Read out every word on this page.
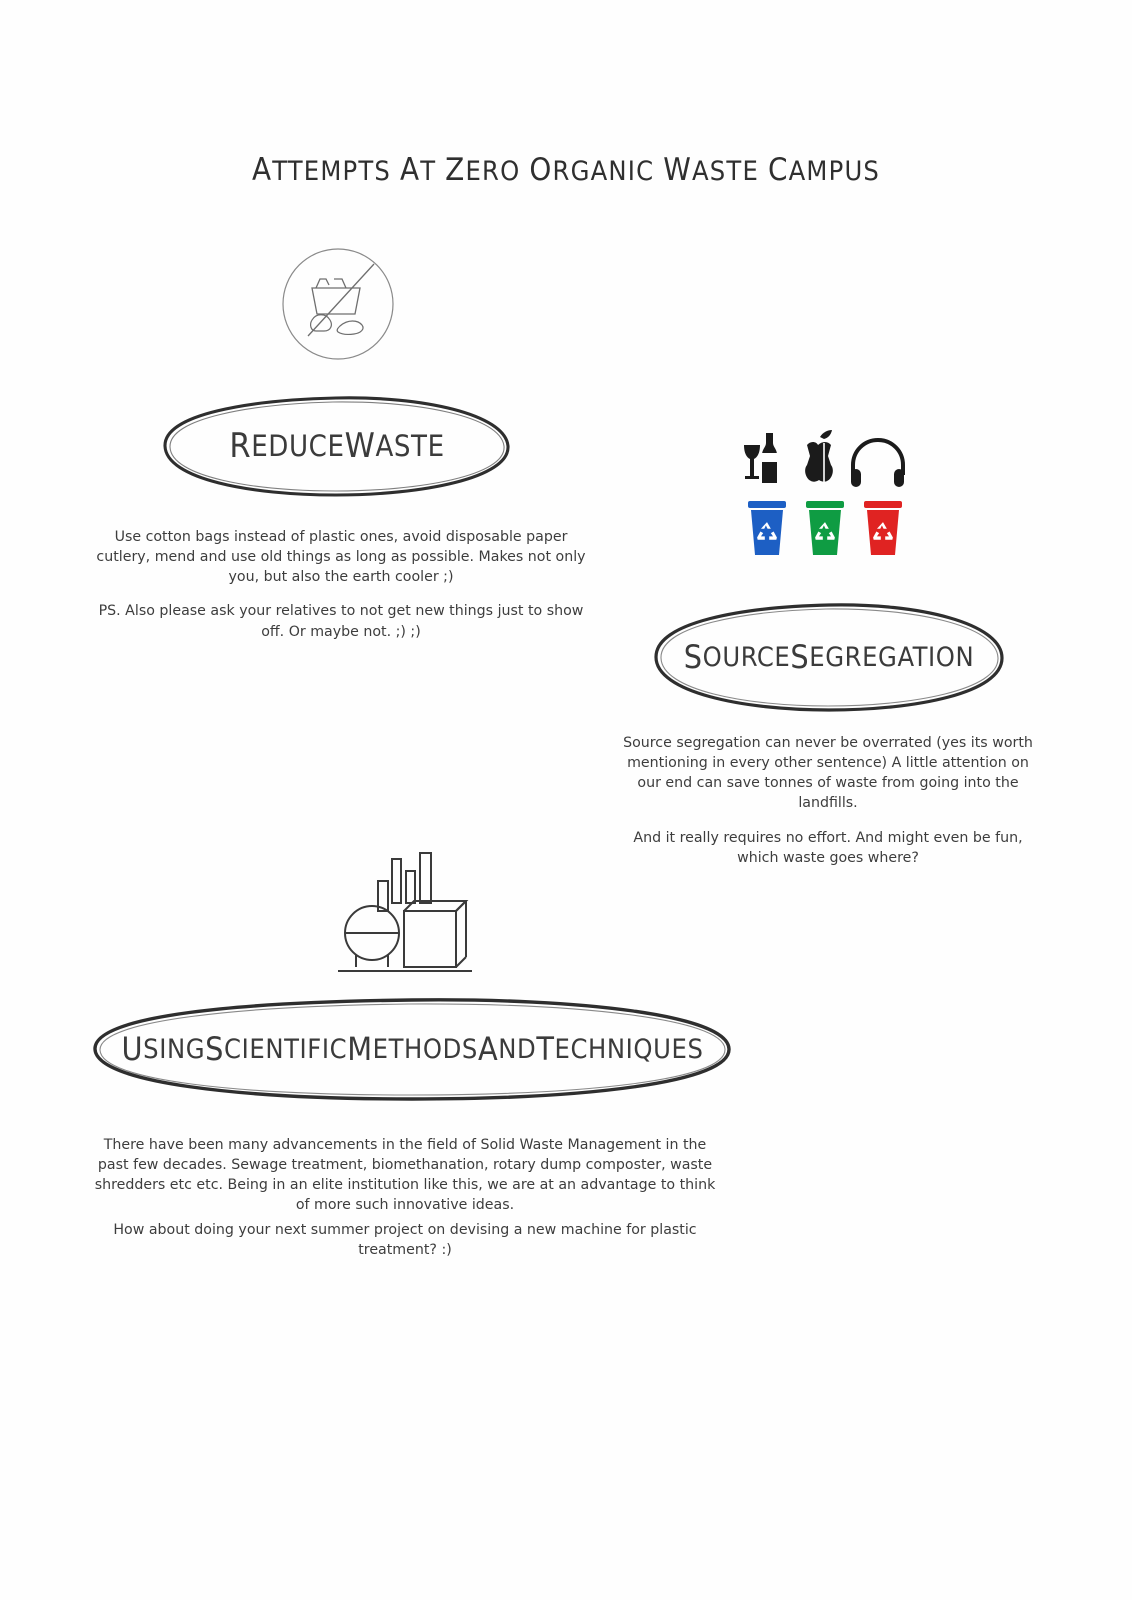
ATTEMPTS AT ZERO ORGANIC WASTE CAMPUS
R EDUCE W ASTE

Use cotton bags instead of plastic ones, avoid disposable paper cutlery, mend and use old things as long as possible. Makes not only you, but also the earth cooler ;)

PS. Also please ask your relatives to not get new things just to show off. Or maybe not. ;) ;)

S OURCE S EGREGATION

Source segregation can never be overrated (yes its worth mentioning in every other sentence) A little attention on our end can save tonnes of waste from going into the landfills.

And it really requires no effort. And might even be fun, which waste goes where?

U SING S CIENTIFIC M ETHODS A ND T ECHNIQUES

There have been many advancements in the field of Solid Waste Management in the past few decades. Sewage treatment, biomethanation, rotary dump composter, waste shredders etc etc. Being in an elite institution like this, we are at an advantage to think of more such innovative ideas.

How about doing your next summer project on devising a new machine for plastic treatment? :)
